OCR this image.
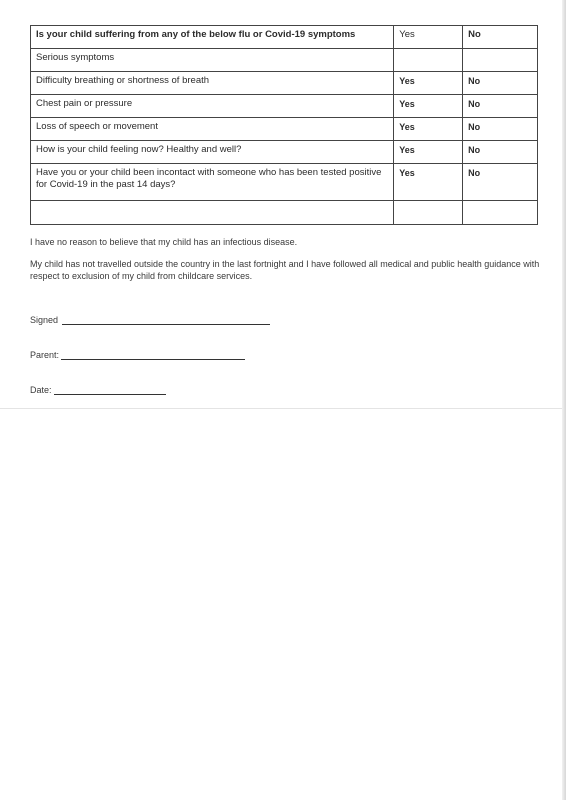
Is your child suffering from any of the below flu or Covid-19 symptoms	Yes	No
Serious symptoms		
Difficulty breathing or shortness of breath	Yes	No
Chest pain or pressure	Yes	No
Loss of speech or movement	Yes	No
How is your child feeling now? Healthy and well?	Yes	No
Have you or your child been incontact with someone who has been tested positive for Covid-19 in the past 14 days?	Yes	No

I have no reason to believe that my child has an infectious disease.

My child has not travelled outside the country in the last fortnight and I have followed all medical and public health guidance with respect to exclusion of my child from childcare services.

Signed
Parent:
Date:
